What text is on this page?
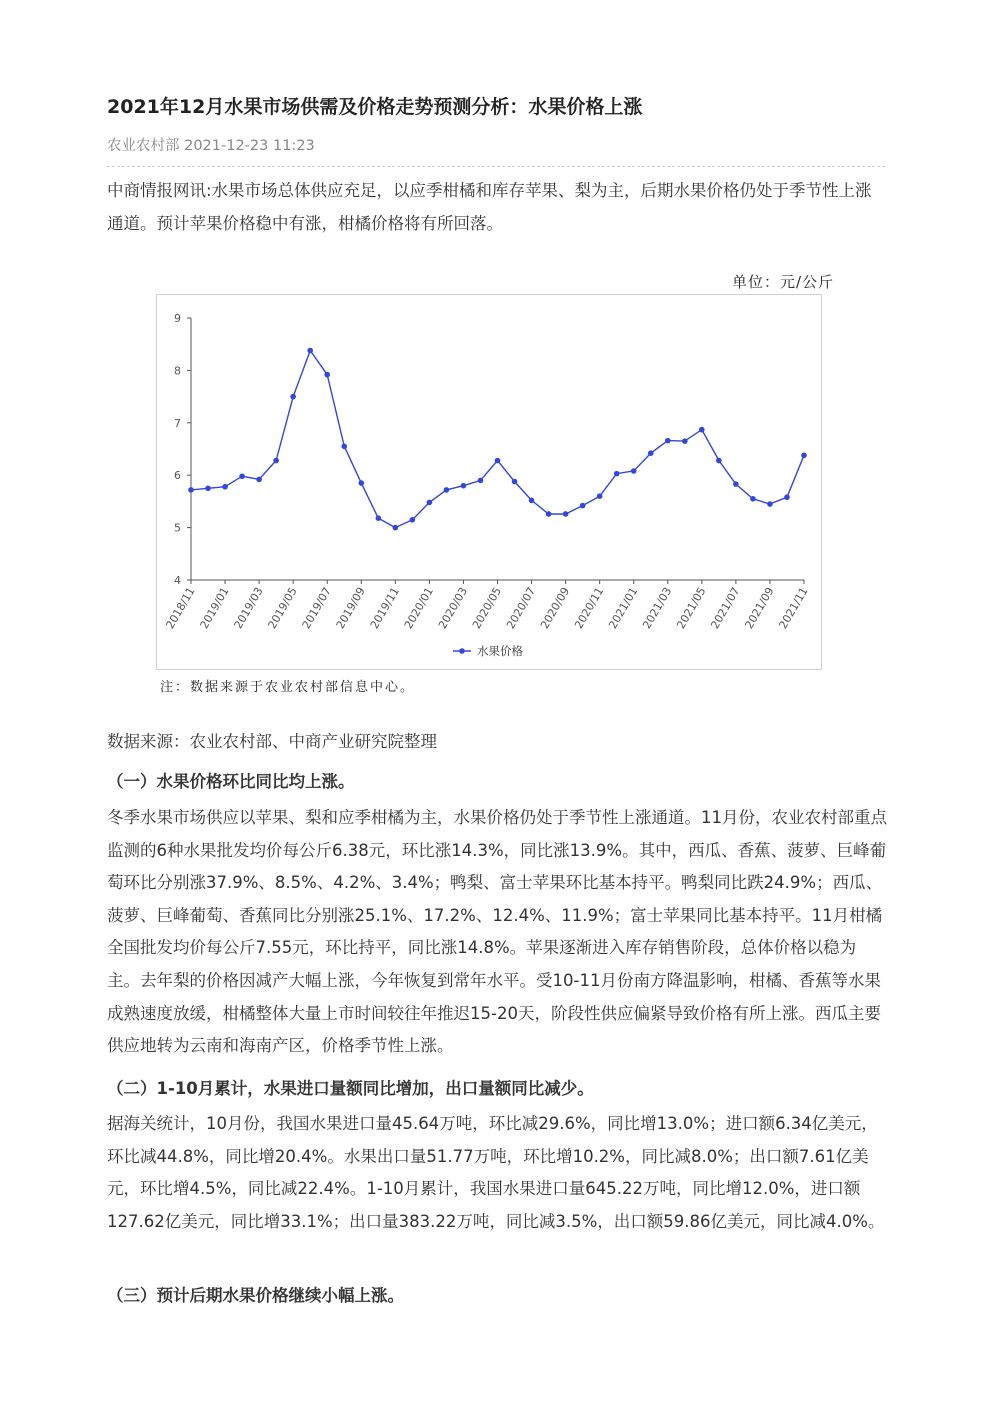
2021年12月水果市场供需及价格走势预测分析：水果价格上涨
农业农村部 2021-12-23 11:23
中商情报网讯:水果市场总体供应充足，以应季柑橘和库存苹果、梨为主，后期水果价格仍处于季节性上涨通道。预计苹果价格稳中有涨，柑橘价格将有所回落。
单位：元/公斤
4
5
6
7
8
9
2018/11 2019/01 2019/03 2019/05 2019/07 2019/09 2019/11 2020/01 2020/03 2020/05 2020/07 2020/09 2020/11 2021/01 2021/03 2021/05 2021/07 2021/09 2021/11
水果价格
注：数据来源于农业农村部信息中心。
数据来源：农业农村部、中商产业研究院整理
（一）水果价格环比同比均上涨。
冬季水果市场供应以苹果、梨和应季柑橘为主，水果价格仍处于季节性上涨通道。11月份，农业农村部重点监测的6种水果批发均价每公斤6.38元，环比涨14.3%，同比涨13.9%。其中，西瓜、香蕉、菠萝、巨峰葡萄环比分别涨37.9%、8.5%、4.2%、3.4%；鸭梨、富士苹果环比基本持平。鸭梨同比跌24.9%；西瓜、菠萝、巨峰葡萄、香蕉同比分别涨25.1%、17.2%、12.4%、11.9%；富士苹果同比基本持平。11月柑橘全国批发均价每公斤7.55元，环比持平，同比涨14.8%。苹果逐渐进入库存销售阶段，总体价格以稳为主。去年梨的价格因减产大幅上涨，今年恢复到常年水平。受10-11月份南方降温影响，柑橘、香蕉等水果成熟速度放缓，柑橘整体大量上市时间较往年推迟15-20天，阶段性供应偏紧导致价格有所上涨。西瓜主要供应地转为云南和海南产区，价格季节性上涨。
（二）1-10月累计，水果进口量额同比增加，出口量额同比减少。
据海关统计，10月份，我国水果进口量45.64万吨，环比减29.6%，同比增13.0%；进口额6.34亿美元，环比减44.8%，同比增20.4%。水果出口量51.77万吨，环比增10.2%，同比减8.0%；出口额7.61亿美元，环比增4.5%，同比减22.4%。1-10月累计，我国水果进口量645.22万吨，同比增12.0%，进口额127.62亿美元，同比增33.1%；出口量383.22万吨，同比减3.5%，出口额59.86亿美元，同比减4.0%。
（三）预计后期水果价格继续小幅上涨。
